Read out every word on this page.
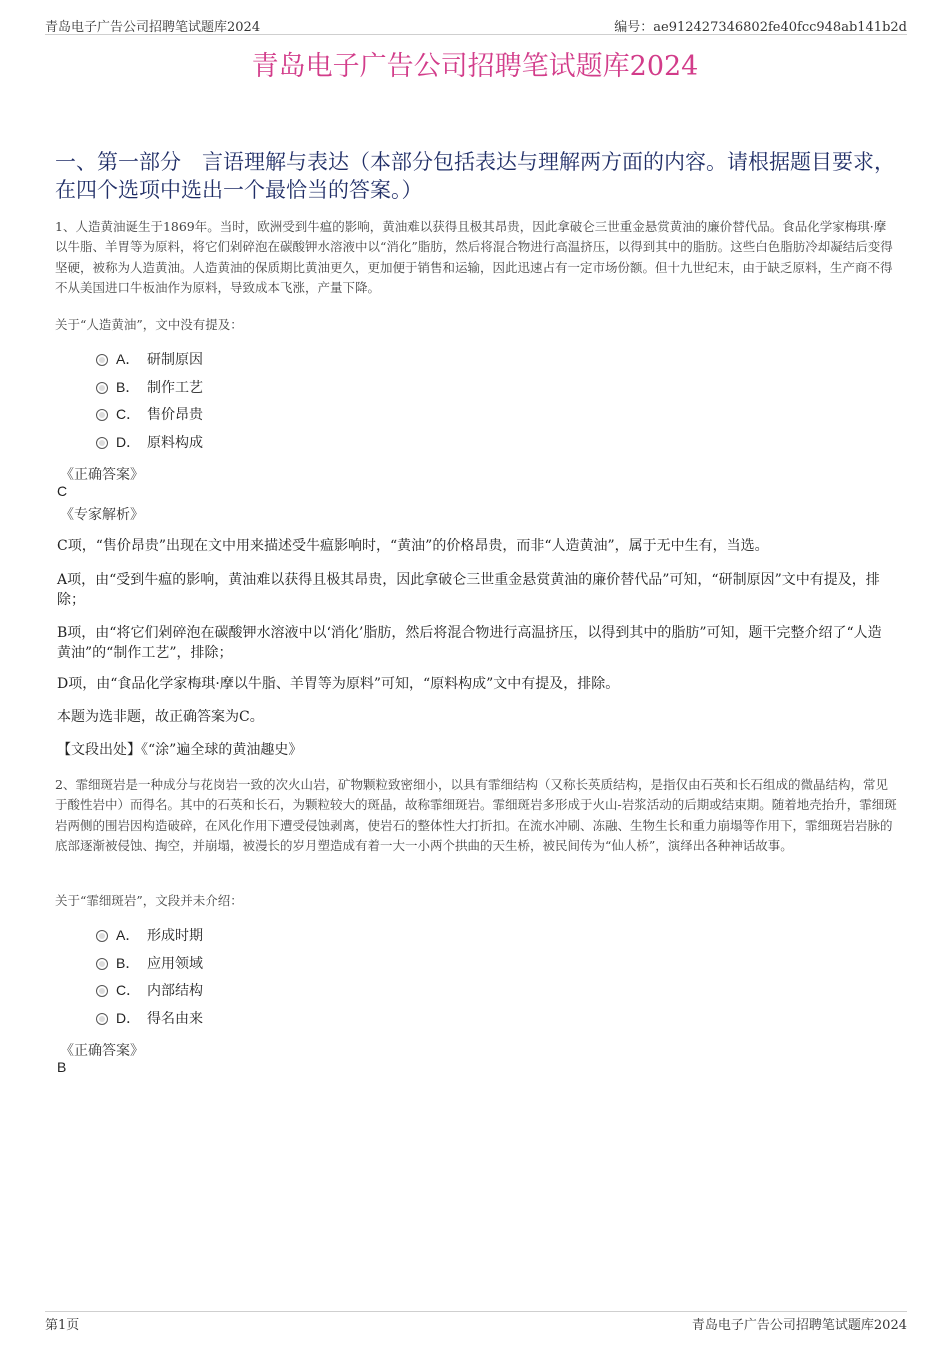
青岛电子广告公司招聘笔试题库2024	编号：ae912427346802fe40fcc948ab141b2d
青岛电子广告公司招聘笔试题库2024
一、第一部分　言语理解与表达（本部分包括表达与理解两方面的内容。请根据题目要求，在四个选项中选出一个最恰当的答案。）

1、人造黄油诞生于1869年。当时，欧洲受到牛瘟的影响，黄油难以获得且极其昂贵，因此拿破仑三世重金悬赏黄油的廉价替代品。食品化学家梅琪·摩以牛脂、羊胃等为原料，将它们剁碎泡在碳酸钾水溶液中以“消化”脂肪，然后将混合物进行高温挤压，以得到其中的脂肪。这些白色脂肪冷却凝结后变得坚硬，被称为人造黄油。人造黄油的保质期比黄油更久，更加便于销售和运输，因此迅速占有一定市场份额。但十九世纪末，由于缺乏原料，生产商不得不从美国进口牛板油作为原料，导致成本飞涨，产量下降。

关于“人造黄油”，文中没有提及：

A． 研制原因
B． 制作工艺
C． 售价昂贵
D． 原料构成
《正确答案》
C
《专家解析》

C项，“售价昂贵”出现在文中用来描述受牛瘟影响时，“黄油”的价格昂贵，而非“人造黄油”，属于无中生有，当选。

A项，由“受到牛瘟的影响，黄油难以获得且极其昂贵，因此拿破仑三世重金悬赏黄油的廉价替代品”可知，“研制原因”文中有提及，排除；

B项，由“将它们剁碎泡在碳酸钾水溶液中以‘消化’脂肪，然后将混合物进行高温挤压，以得到其中的脂肪”可知，题干完整介绍了“人造黄油”的“制作工艺”，排除；

D项，由“食品化学家梅琪·摩以牛脂、羊胃等为原料”可知，“原料构成”文中有提及，排除。

本题为选非题，故正确答案为C。

【文段出处】《“涂”遍全球的黄油趣史》

2、霏细斑岩是一种成分与花岗岩一致的次火山岩，矿物颗粒致密细小，以具有霏细结构（又称长英质结构，是指仅由石英和长石组成的微晶结构，常见于酸性岩中）而得名。其中的石英和长石，为颗粒较大的斑晶，故称霏细斑岩。霏细斑岩多形成于火山-岩浆活动的后期或结束期。随着地壳抬升，霏细斑岩两侧的围岩因构造破碎，在风化作用下遭受侵蚀剥离，使岩石的整体性大打折扣。在流水冲刷、冻融、生物生长和重力崩塌等作用下，霏细斑岩岩脉的底部逐渐被侵蚀、掏空，并崩塌，被漫长的岁月塑造成有着一大一小两个拱曲的天生桥，被民间传为“仙人桥”，演绎出各种神话故事。

关于“霏细斑岩”，文段并未介绍：

A． 形成时期
B． 应用领域
C． 内部结构
D． 得名由来
《正确答案》
B
第1页	青岛电子广告公司招聘笔试题库2024
